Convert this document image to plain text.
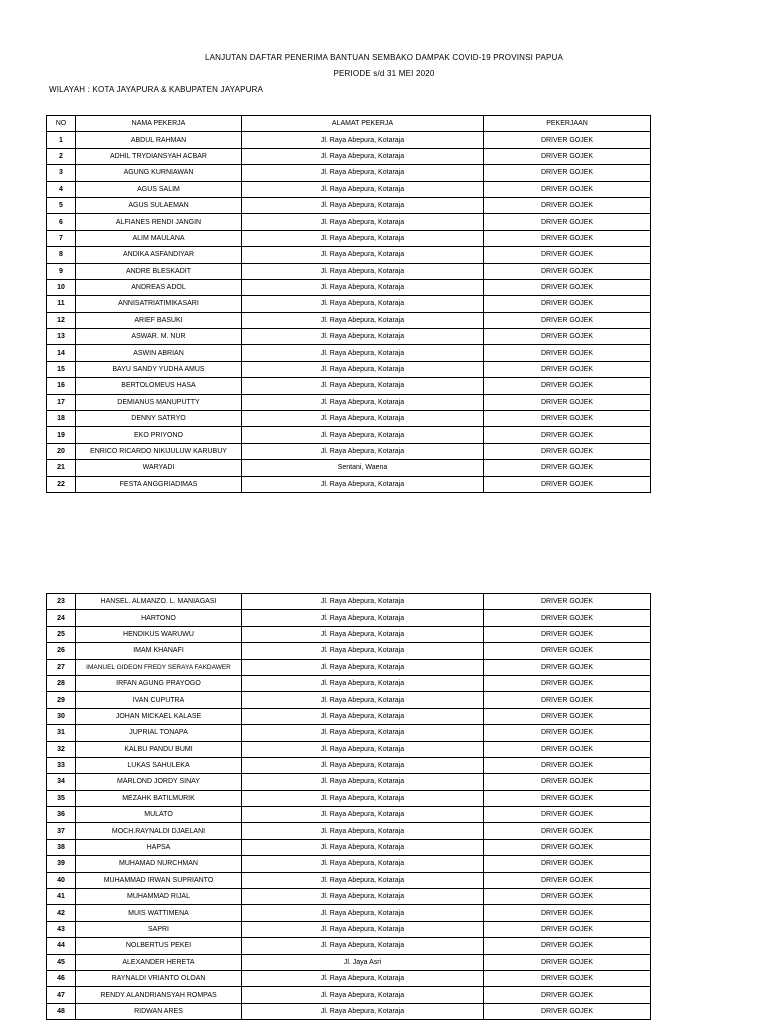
LANJUTAN DAFTAR PENERIMA BANTUAN SEMBAKO DAMPAK COVID-19 PROVINSI PAPUA
PERIODE s/d 31 MEI 2020
WILAYAH : KOTA JAYAPURA & KABUPATEN JAYAPURA
NO	NAMA PEKERJA	ALAMAT PEKERJA	PEKERJAAN
1	ABDUL RAHMAN	Jl. Raya Abepura, Kotaraja	DRIVER GOJEK
2	ADHIL TRYDIANSYAH ACBAR	Jl. Raya Abepura, Kotaraja	DRIVER GOJEK
3	AGUNG KURNIAWAN	Jl. Raya Abepura, Kotaraja	DRIVER GOJEK
4	AGUS SALIM	Jl. Raya Abepura, Kotaraja	DRIVER GOJEK
5	AGUS SULAEMAN	Jl. Raya Abepura, Kotaraja	DRIVER GOJEK
6	ALFIANES RENDI JANGIN	Jl. Raya Abepura, Kotaraja	DRIVER GOJEK
7	ALIM MAULANA	Jl. Raya Abepura, Kotaraja	DRIVER GOJEK
8	ANDIKA ASFANDIYAR	Jl. Raya Abepura, Kotaraja	DRIVER GOJEK
9	ANDRE BLESKADIT	Jl. Raya Abepura, Kotaraja	DRIVER GOJEK
10	ANDREAS ADOL	Jl. Raya Abepura, Kotaraja	DRIVER GOJEK
11	ANNISATRIATIMIKASARI	Jl. Raya Abepura, Kotaraja	DRIVER GOJEK
12	ARIEF BASUKI	Jl. Raya Abepura, Kotaraja	DRIVER GOJEK
13	ASWAR. M. NUR	Jl. Raya Abepura, Kotaraja	DRIVER GOJEK
14	ASWIN ABRIAN	Jl. Raya Abepura, Kotaraja	DRIVER GOJEK
15	BAYU SANDY YUDHA AMUS	Jl. Raya Abepura, Kotaraja	DRIVER GOJEK
16	BERTOLOMEUS HASA	Jl. Raya Abepura, Kotaraja	DRIVER GOJEK
17	DEMIANUS MANUPUTTY	Jl. Raya Abepura, Kotaraja	DRIVER GOJEK
18	DENNY SATRYO	Jl. Raya Abepura, Kotaraja	DRIVER GOJEK
19	EKO PRIYONO	Jl. Raya Abepura, Kotaraja	DRIVER GOJEK
20	ENRICO RICARDO NIKIJULUW KARUBUY	Jl. Raya Abepura, Kotaraja	DRIVER GOJEK
21	WARYADI	Sentani, Waena	DRIVER GOJEK
22	FESTA ANGGRIADIMAS	Jl. Raya Abepura, Kotaraja	DRIVER GOJEK
23	HANSEL. ALMANZO. L. MANIAGASI	Jl. Raya Abepura, Kotaraja	DRIVER GOJEK
24	HARTONO	Jl. Raya Abepura, Kotaraja	DRIVER GOJEK
25	HENDIKUS WARUWU	Jl. Raya Abepura, Kotaraja	DRIVER GOJEK
26	IMAM KHANAFI	Jl. Raya Abepura, Kotaraja	DRIVER GOJEK
27	IMANUEL GIDEON FREDY SERAYA FAKDAWER	Jl. Raya Abepura, Kotaraja	DRIVER GOJEK
28	IRFAN AGUNG PRAYOGO	Jl. Raya Abepura, Kotaraja	DRIVER GOJEK
29	IVAN CUPUTRA	Jl. Raya Abepura, Kotaraja	DRIVER GOJEK
30	JOHAN MICKAEL KALASE	Jl. Raya Abepura, Kotaraja	DRIVER GOJEK
31	JUPRIAL TONAPA	Jl. Raya Abepura, Kotaraja	DRIVER GOJEK
32	KALBU PANDU BUMI	Jl. Raya Abepura, Kotaraja	DRIVER GOJEK
33	LUKAS SAHULEKA	Jl. Raya Abepura, Kotaraja	DRIVER GOJEK
34	MARLOND JORDY SINAY	Jl. Raya Abepura, Kotaraja	DRIVER GOJEK
35	MEZAHK BATILMURIK	Jl. Raya Abepura, Kotaraja	DRIVER GOJEK
36	MULATO	Jl. Raya Abepura, Kotaraja	DRIVER GOJEK
37	MOCH.RAYNALDI DJAELANI	Jl. Raya Abepura, Kotaraja	DRIVER GOJEK
38	HAPSA	Jl. Raya Abepura, Kotaraja	DRIVER GOJEK
39	MUHAMAD NURCHMAN	Jl. Raya Abepura, Kotaraja	DRIVER GOJEK
40	MUHAMMAD IRWAN SUPRIANTO	Jl. Raya Abepura, Kotaraja	DRIVER GOJEK
41	MUHAMMAD RIJAL	Jl. Raya Abepura, Kotaraja	DRIVER GOJEK
42	MUIS WATTIMENA	Jl. Raya Abepura, Kotaraja	DRIVER GOJEK
43	SAPRI	Jl. Raya Abepura, Kotaraja	DRIVER GOJEK
44	NOLBERTUS PEKEI	Jl. Raya Abepura, Kotaraja	DRIVER GOJEK
45	ALEXANDER HERETA	Jl. Jaya Asri	DRIVER GOJEK
46	RAYNALDI VRIANTO OLOAN	Jl. Raya Abepura, Kotaraja	DRIVER GOJEK
47	RENDY ALANDRIANSYAH ROMPAS	Jl. Raya Abepura, Kotaraja	DRIVER GOJEK
48	RIDWAN ARES	Jl. Raya Abepura, Kotaraja	DRIVER GOJEK
